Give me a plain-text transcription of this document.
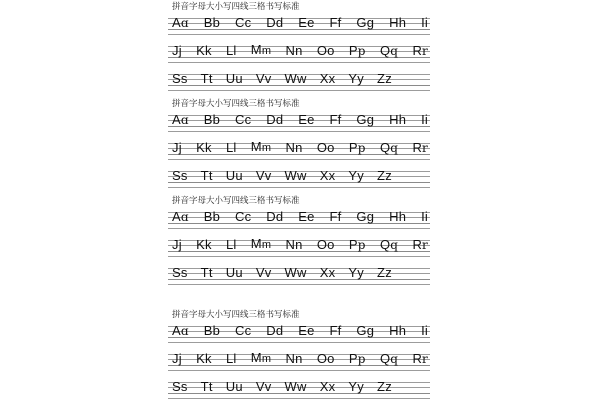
拼音字母大小写四线三格书写标准
Aɑ Bb Cc Dd Ee Ff Gg Hh Ii
Jj Kk Ll Mm Nn Oo Pp Qq Rr
Ss Tt Uu Vv Ww Xx Yy Zz
拼音字母大小写四线三格书写标准
Aɑ Bb Cc Dd Ee Ff Gg Hh Ii
Jj Kk Ll Mm Nn Oo Pp Qq Rr
Ss Tt Uu Vv Ww Xx Yy Zz
拼音字母大小写四线三格书写标准
Aɑ Bb Cc Dd Ee Ff Gg Hh Ii
Jj Kk Ll Mm Nn Oo Pp Qq Rr
Ss Tt Uu Vv Ww Xx Yy Zz
拼音字母大小写四线三格书写标准
Aɑ Bb Cc Dd Ee Ff Gg Hh Ii
Jj Kk Ll Mm Nn Oo Pp Qq Rr
Ss Tt Uu Vv Ww Xx Yy Zz
